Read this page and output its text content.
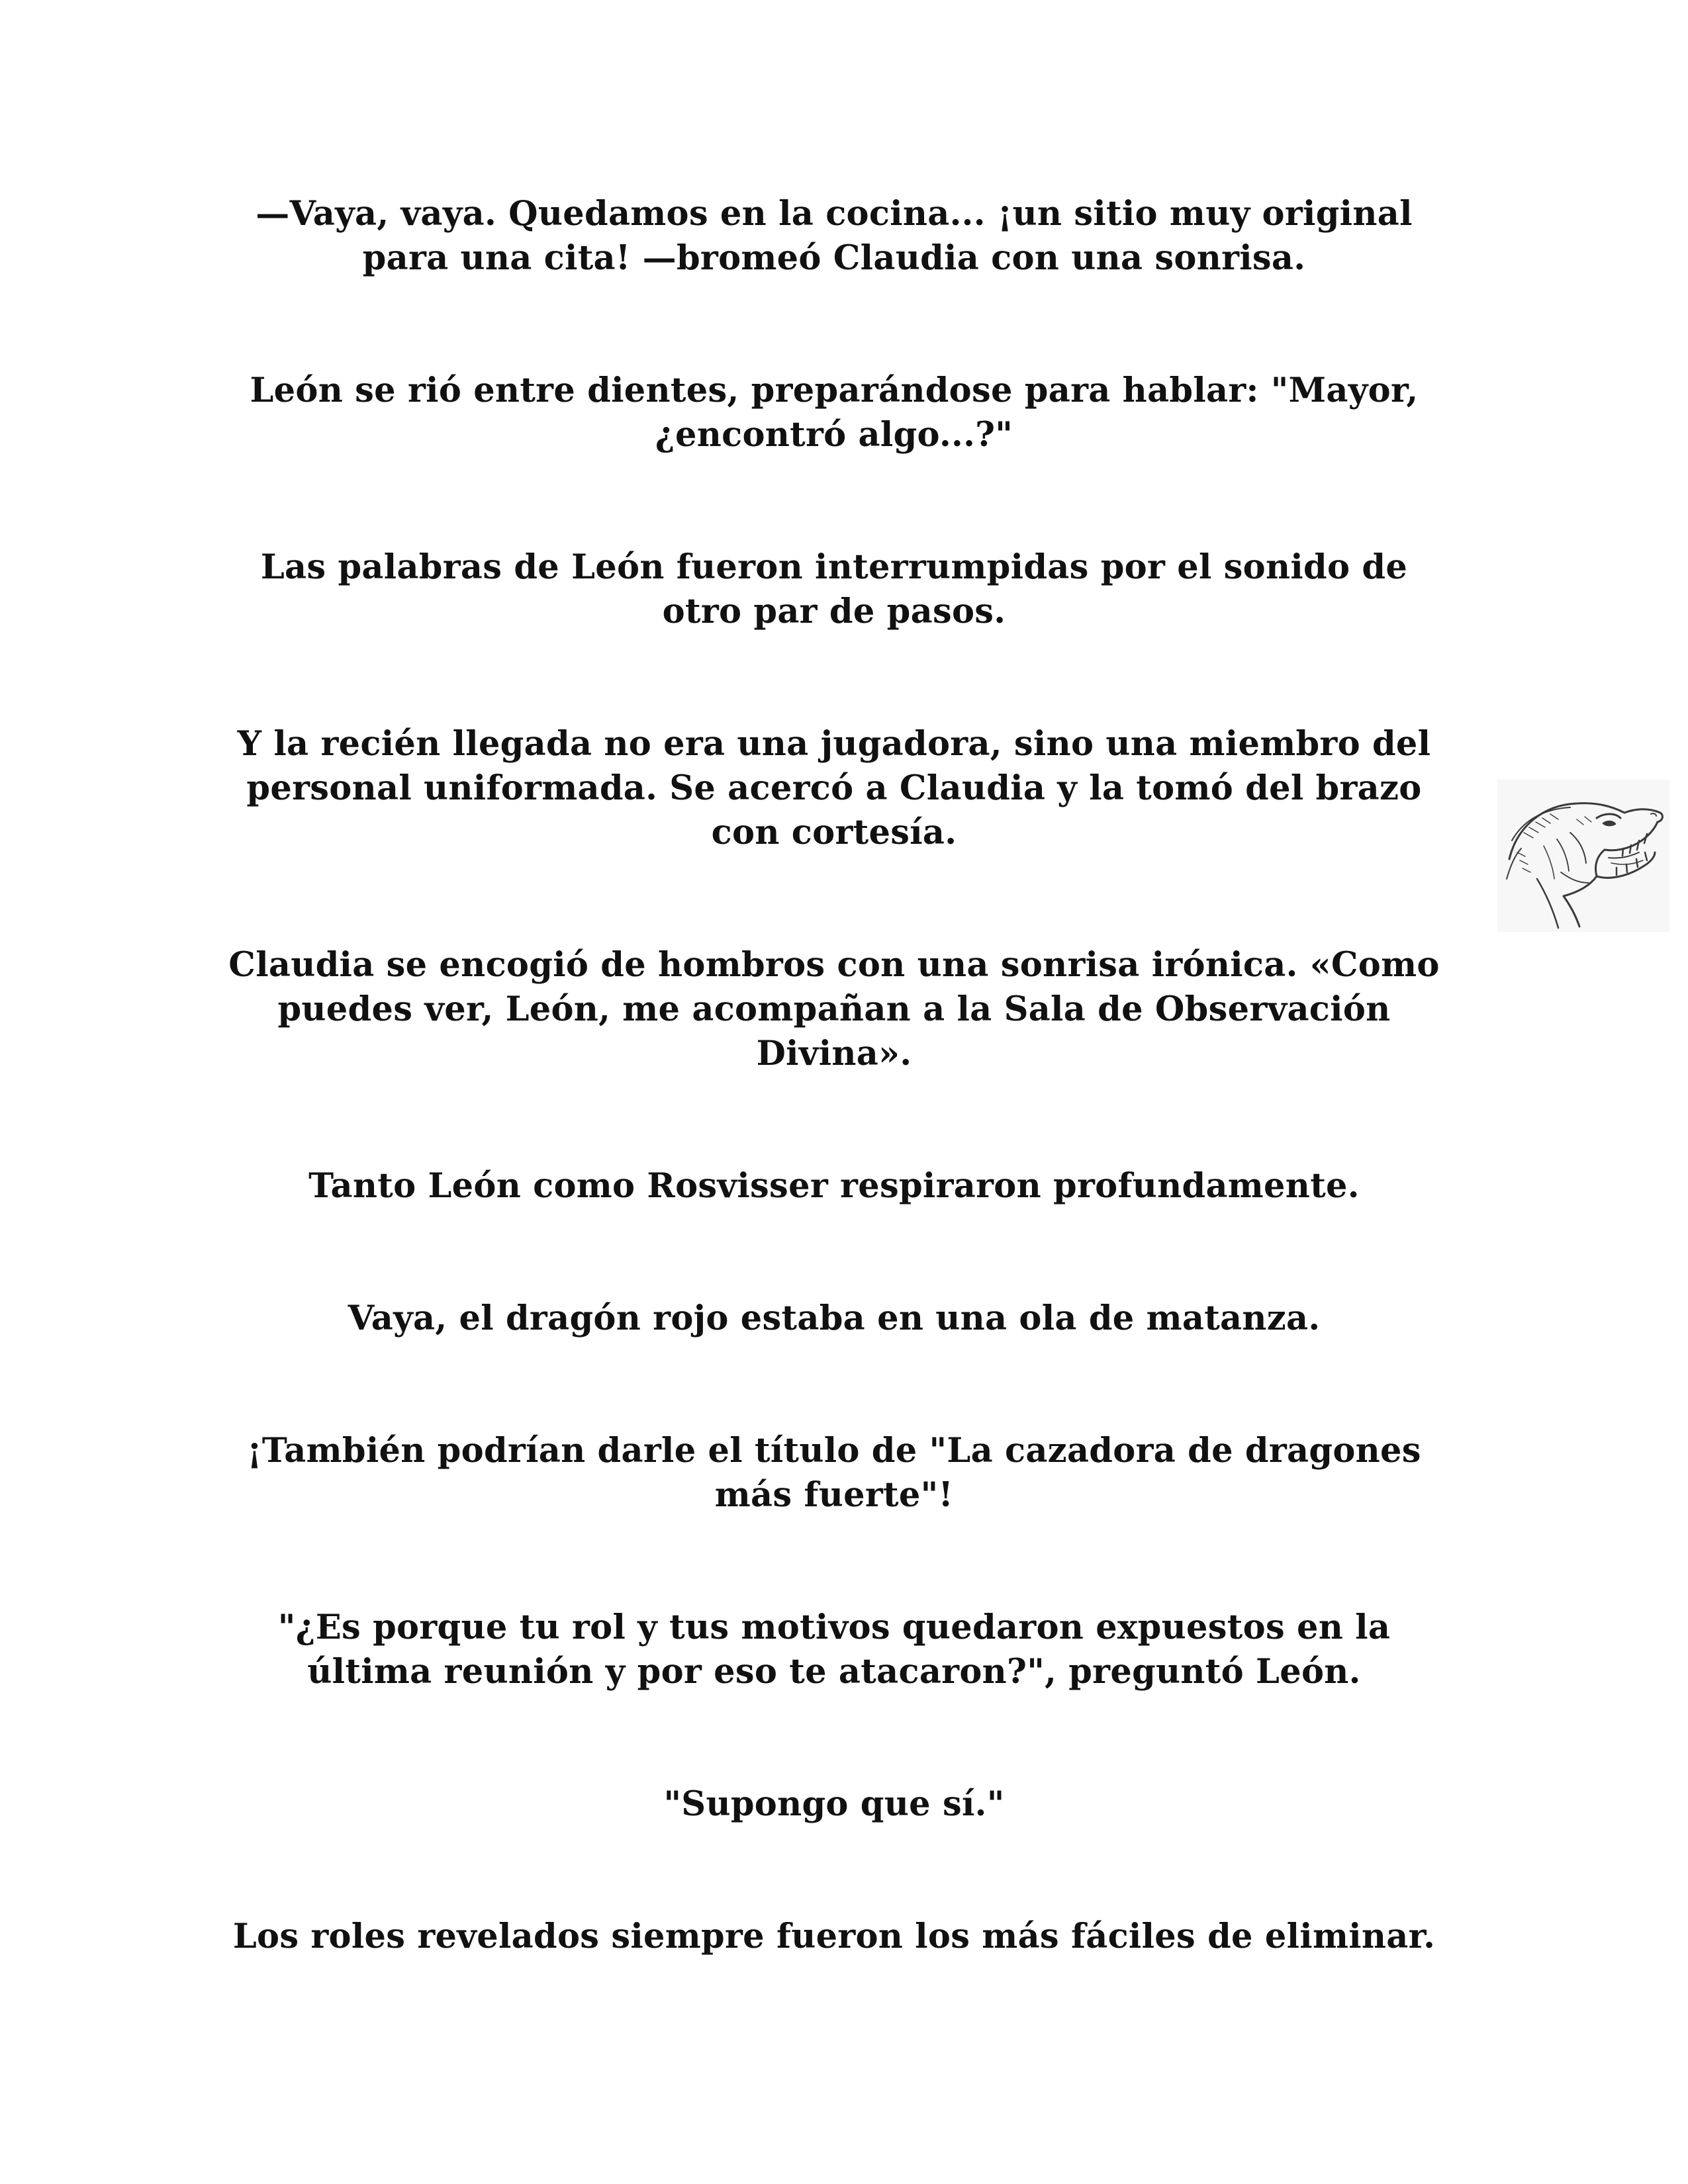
—Vaya, vaya. Quedamos en la cocina... ¡un sitio muy original para una cita! —bromeó Claudia con una sonrisa.

León se rió entre dientes, preparándose para hablar: "Mayor, ¿encontró algo...?"

Las palabras de León fueron interrumpidas por el sonido de otro par de pasos.

Y la recién llegada no era una jugadora, sino una miembro del personal uniformada. Se acercó a Claudia y la tomó del brazo con cortesía.

Claudia se encogió de hombros con una sonrisa irónica. «Como puedes ver, León, me acompañan a la Sala de Observación Divina».

Tanto León como Rosvisser respiraron profundamente.

Vaya, el dragón rojo estaba en una ola de matanza.

¡También podrían darle el título de "La cazadora de dragones más fuerte"!

"¿Es porque tu rol y tus motivos quedaron expuestos en la última reunión y por eso te atacaron?", preguntó León.

"Supongo que sí."

Los roles revelados siempre fueron los más fáciles de eliminar.
